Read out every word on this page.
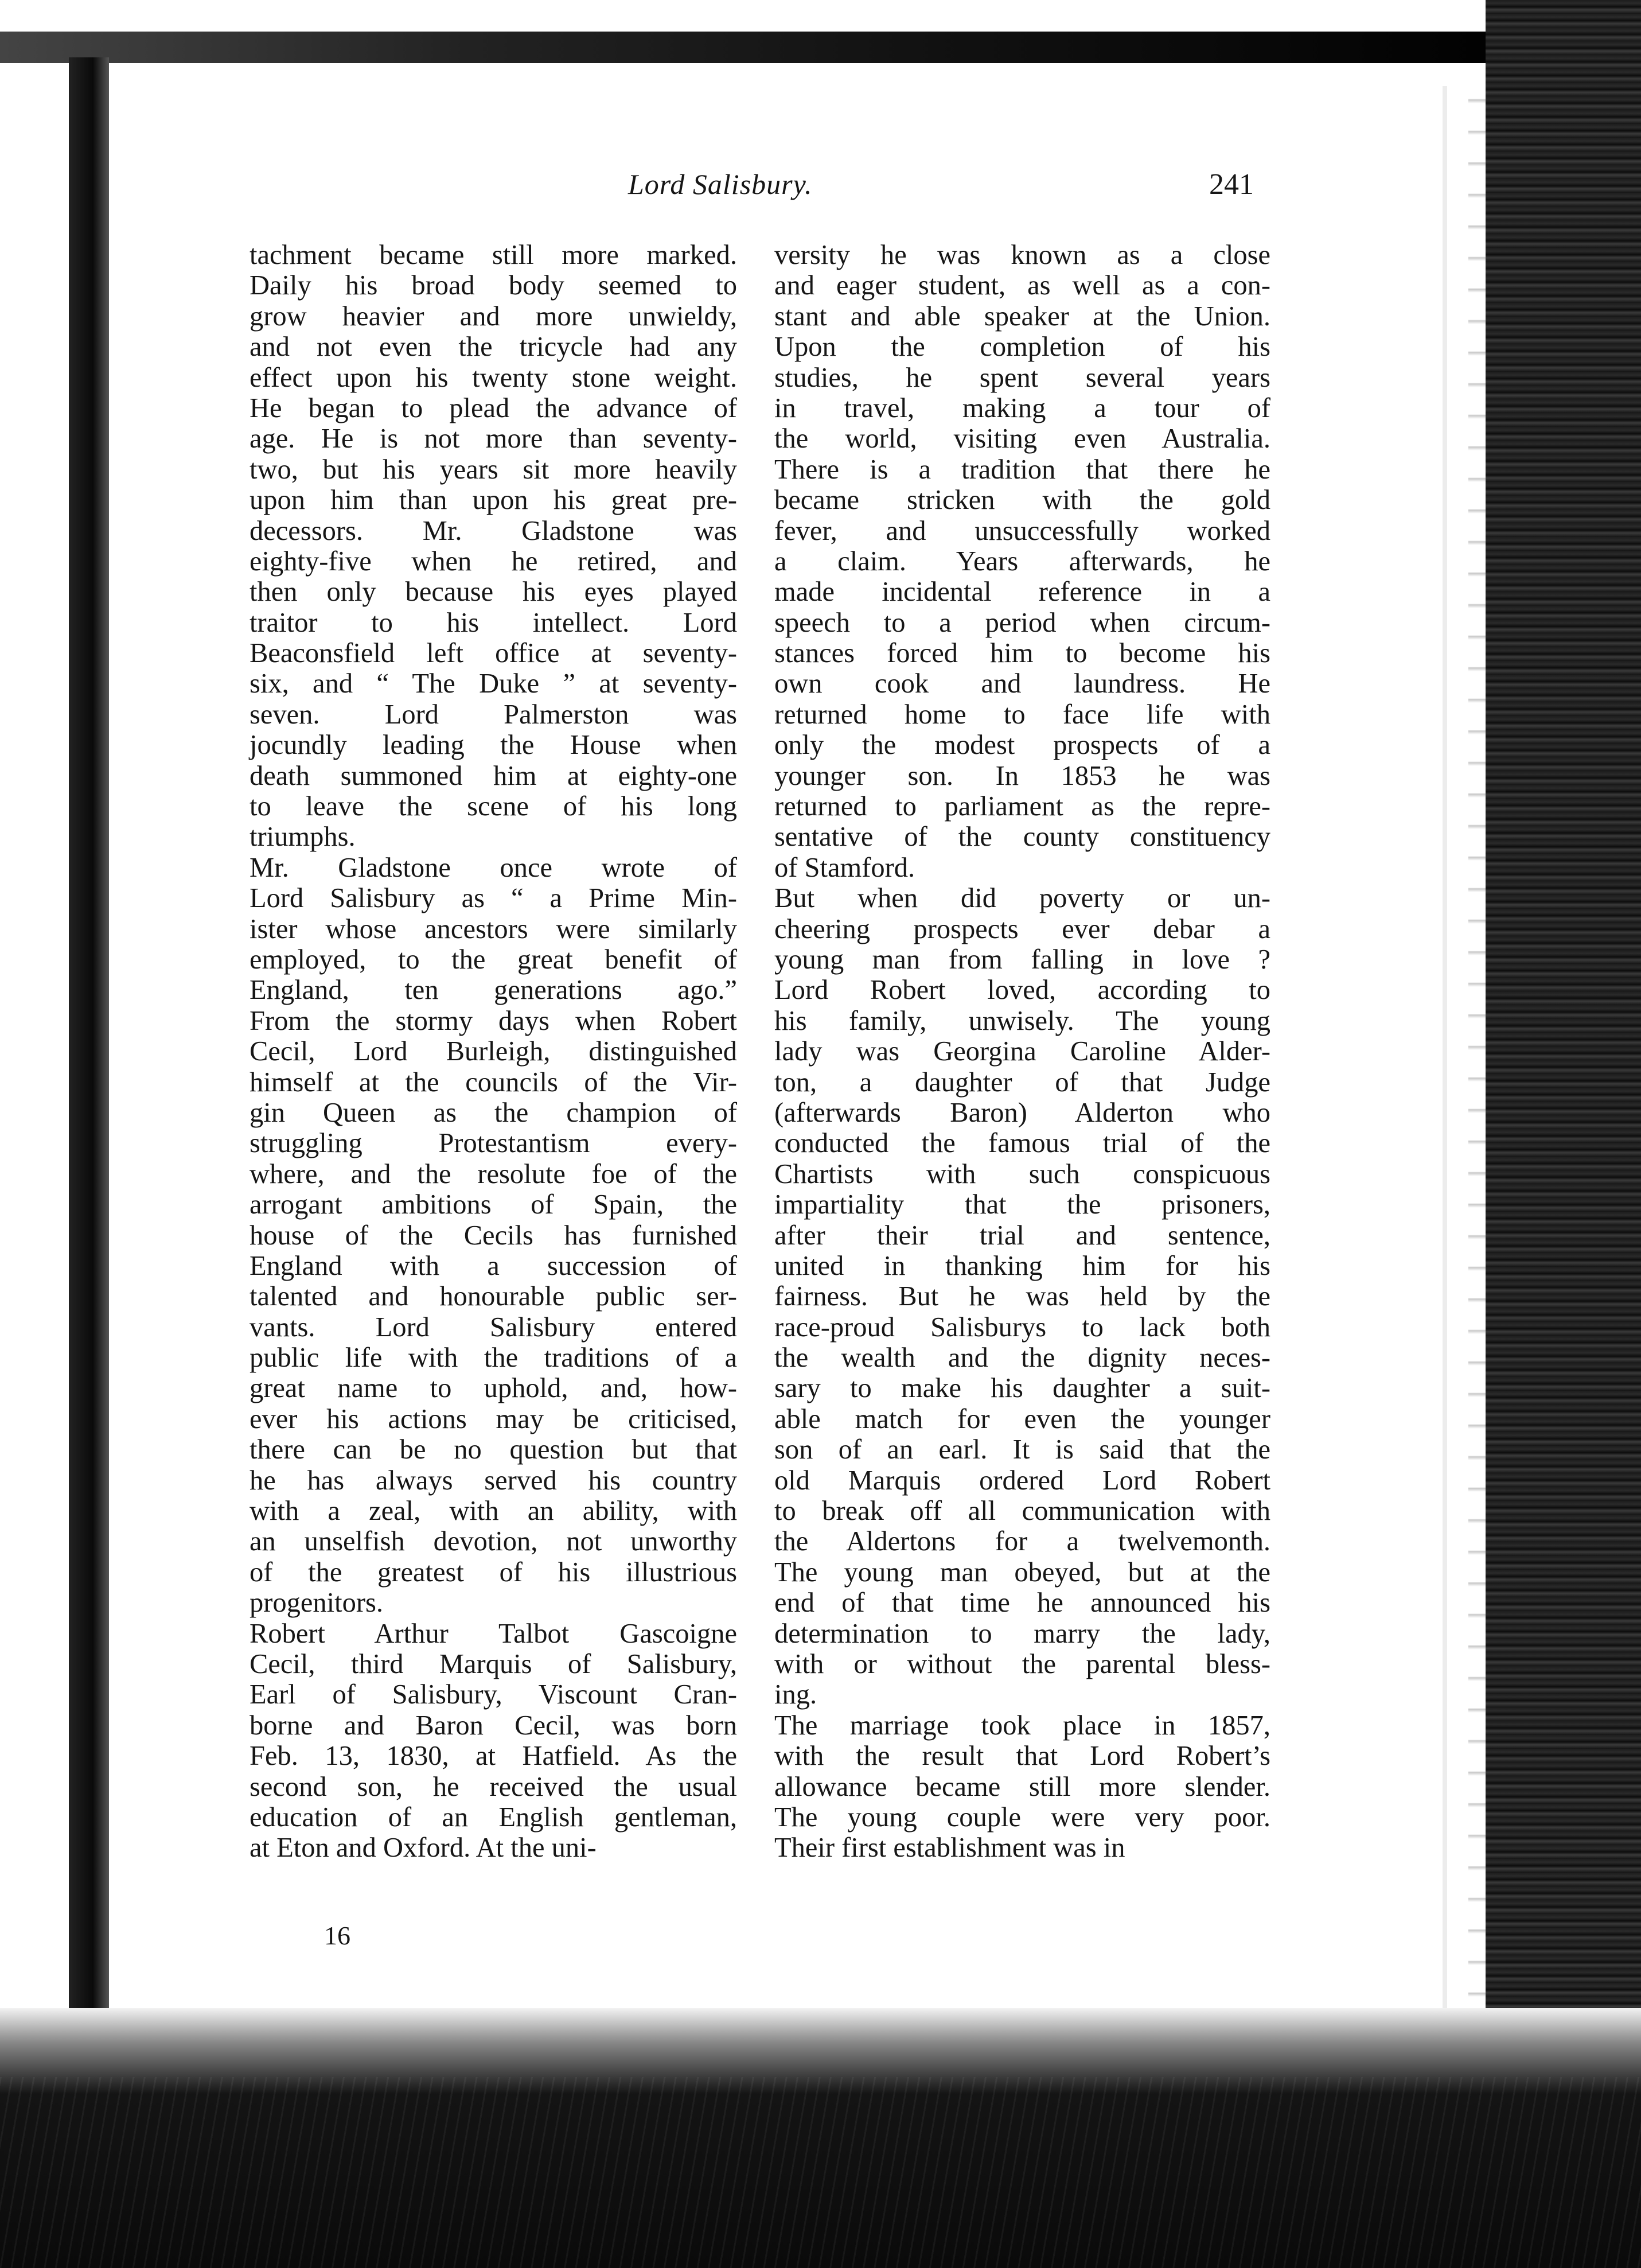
Lord Salisbury.	241
tachment became still more marked.
Daily his broad body seemed to
grow heavier and more unwieldy,
and not even the tricycle had any
effect upon his twenty stone weight.
He began to plead the advance of
age. He is not more than seventy-
two, but his years sit more heavily
upon him than upon his great pre-
decessors. Mr. Gladstone was
eighty-five when he retired, and
then only because his eyes played
traitor to his intellect. Lord
Beaconsfield left office at seventy-
six, and “ The Duke ” at seventy-
seven. Lord Palmerston was
jocundly leading the House when
death summoned him at eighty-one
to leave the scene of his long
triumphs.
Mr. Gladstone once wrote of
Lord Salisbury as “ a Prime Min-
ister whose ancestors were similarly
employed, to the great benefit of
England, ten generations ago.”
From the stormy days when Robert
Cecil, Lord Burleigh, distinguished
himself at the councils of the Vir-
gin Queen as the champion of
struggling Protestantism every-
where, and the resolute foe of the
arrogant ambitions of Spain, the
house of the Cecils has furnished
England with a succession of
talented and honourable public ser-
vants. Lord Salisbury entered
public life with the traditions of a
great name to uphold, and, how-
ever his actions may be criticised,
there can be no question but that
he has always served his country
with a zeal, with an ability, with
an unselfish devotion, not unworthy
of the greatest of his illustrious
progenitors.
Robert Arthur Talbot Gascoigne
Cecil, third Marquis of Salisbury,
Earl of Salisbury, Viscount Cran-
borne and Baron Cecil, was born
Feb. 13, 1830, at Hatfield. As the
second son, he received the usual
education of an English gentleman,
at Eton and Oxford. At the uni-
versity he was known as a close
and eager student, as well as a con-
stant and able speaker at the Union.
Upon the completion of his
studies, he spent several years
in travel, making a tour of
the world, visiting even Australia.
There is a tradition that there he
became stricken with the gold
fever, and unsuccessfully worked
a claim. Years afterwards, he
made incidental reference in a
speech to a period when circum-
stances forced him to become his
own cook and laundress. He
returned home to face life with
only the modest prospects of a
younger son. In 1853 he was
returned to parliament as the repre-
sentative of the county constituency
of Stamford.
But when did poverty or un-
cheering prospects ever debar a
young man from falling in love ?
Lord Robert loved, according to
his family, unwisely. The young
lady was Georgina Caroline Alder-
ton, a daughter of that Judge
(afterwards Baron) Alderton who
conducted the famous trial of the
Chartists with such conspicuous
impartiality that the prisoners,
after their trial and sentence,
united in thanking him for his
fairness. But he was held by the
race-proud Salisburys to lack both
the wealth and the dignity neces-
sary to make his daughter a suit-
able match for even the younger
son of an earl. It is said that the
old Marquis ordered Lord Robert
to break off all communication with
the Aldertons for a twelvemonth.
The young man obeyed, but at the
end of that time he announced his
determination to marry the lady,
with or without the parental bless-
ing.
The marriage took place in 1857,
with the result that Lord Robert’s
allowance became still more slender.
The young couple were very poor.
Their first establishment was in
16
